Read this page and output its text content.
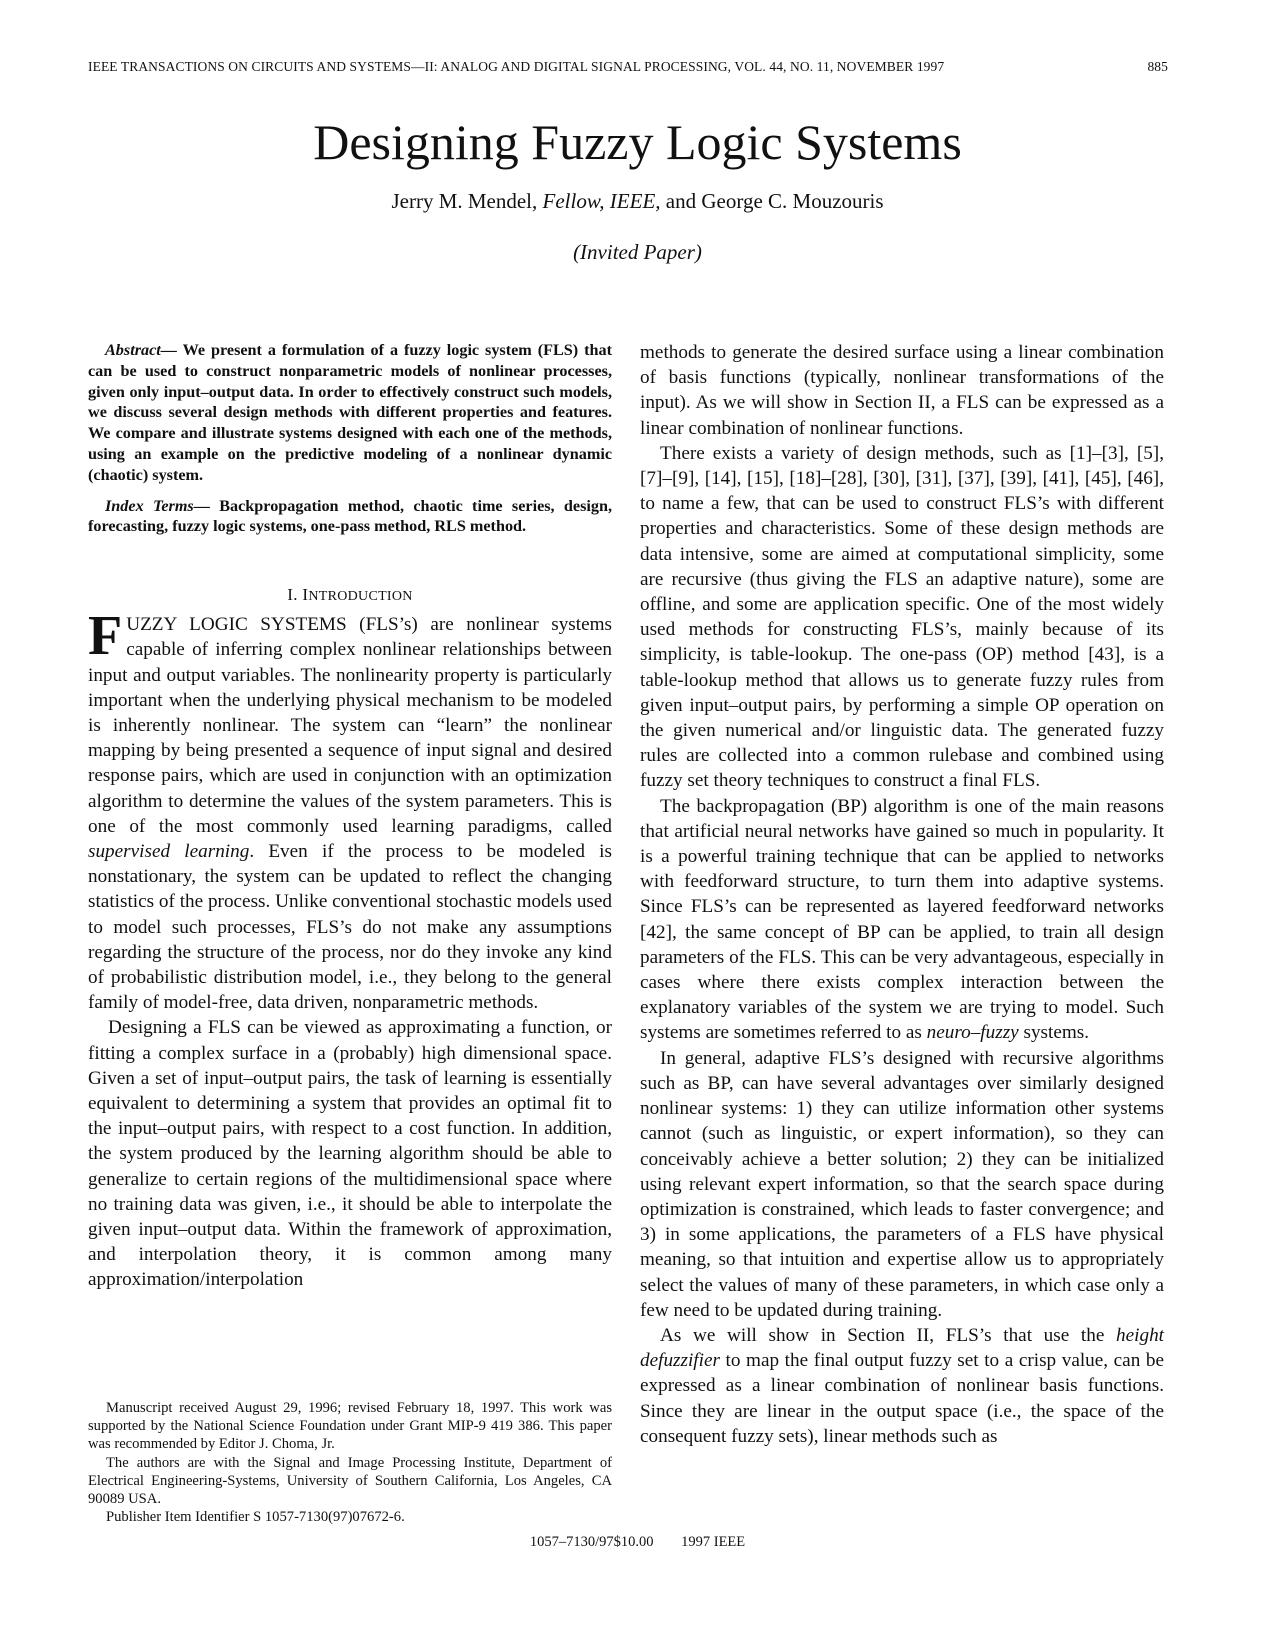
IEEE TRANSACTIONS ON CIRCUITS AND SYSTEMS—II: ANALOG AND DIGITAL SIGNAL PROCESSING, VOL. 44, NO. 11, NOVEMBER 1997	885
Designing Fuzzy Logic Systems
Jerry M. Mendel, Fellow, IEEE, and George C. Mouzouris
(Invited Paper)

Abstract— We present a formulation of a fuzzy logic system (FLS) that can be used to construct nonparametric models of nonlinear processes, given only input–output data. In order to effectively construct such models, we discuss several design methods with different properties and features. We compare and illustrate systems designed with each one of the methods, using an example on the predictive modeling of a nonlinear dynamic (chaotic) system.

Index Terms— Backpropagation method, chaotic time series, design, forecasting, fuzzy logic systems, one-pass method, RLS method.

I. INTRODUCTION

FUZZY LOGIC SYSTEMS (FLS’s) are nonlinear systems capable of inferring complex nonlinear relationships between input and output variables. The nonlinearity property is particularly important when the underlying physical mechanism to be modeled is inherently nonlinear. The system can “learn” the nonlinear mapping by being presented a sequence of input signal and desired response pairs, which are used in conjunction with an optimization algorithm to determine the values of the system parameters. This is one of the most commonly used learning paradigms, called supervised learning. Even if the process to be modeled is nonstationary, the system can be updated to reflect the changing statistics of the process. Unlike conventional stochastic models used to model such processes, FLS’s do not make any assumptions regarding the structure of the process, nor do they invoke any kind of probabilistic distribution model, i.e., they belong to the general family of model-free, data driven, nonparametric methods.

Designing a FLS can be viewed as approximating a function, or fitting a complex surface in a (probably) high dimensional space. Given a set of input–output pairs, the task of learning is essentially equivalent to determining a system that provides an optimal fit to the input–output pairs, with respect to a cost function. In addition, the system produced by the learning algorithm should be able to generalize to certain regions of the multidimensional space where no training data was given, i.e., it should be able to interpolate the given input–output data. Within the framework of approximation, and interpolation theory, it is common among many approximation/interpolation

Manuscript received August 29, 1996; revised February 18, 1997. This work was supported by the National Science Foundation under Grant MIP-9 419 386. This paper was recommended by Editor J. Choma, Jr.

The authors are with the Signal and Image Processing Institute, Department of Electrical Engineering-Systems, University of Southern California, Los Angeles, CA 90089 USA.

Publisher Item Identifier S 1057-7130(97)07672-6.

methods to generate the desired surface using a linear combination of basis functions (typically, nonlinear transformations of the input). As we will show in Section II, a FLS can be expressed as a linear combination of nonlinear functions.

There exists a variety of design methods, such as [1]–[3], [5], [7]–[9], [14], [15], [18]–[28], [30], [31], [37], [39], [41], [45], [46], to name a few, that can be used to construct FLS’s with different properties and characteristics. Some of these design methods are data intensive, some are aimed at computational simplicity, some are recursive (thus giving the FLS an adaptive nature), some are offline, and some are application specific. One of the most widely used methods for constructing FLS’s, mainly because of its simplicity, is table-lookup. The one-pass (OP) method [43], is a table-lookup method that allows us to generate fuzzy rules from given input–output pairs, by performing a simple OP operation on the given numerical and/or linguistic data. The generated fuzzy rules are collected into a common rulebase and combined using fuzzy set theory techniques to construct a final FLS.

The backpropagation (BP) algorithm is one of the main reasons that artificial neural networks have gained so much in popularity. It is a powerful training technique that can be applied to networks with feedforward structure, to turn them into adaptive systems. Since FLS’s can be represented as layered feedforward networks [42], the same concept of BP can be applied, to train all design parameters of the FLS. This can be very advantageous, especially in cases where there exists complex interaction between the explanatory variables of the system we are trying to model. Such systems are sometimes referred to as neuro–fuzzy systems.

In general, adaptive FLS’s designed with recursive algorithms such as BP, can have several advantages over similarly designed nonlinear systems: 1) they can utilize information other systems cannot (such as linguistic, or expert information), so they can conceivably achieve a better solution; 2) they can be initialized using relevant expert information, so that the search space during optimization is constrained, which leads to faster convergence; and 3) in some applications, the parameters of a FLS have physical meaning, so that intuition and expertise allow us to appropriately select the values of many of these parameters, in which case only a few need to be updated during training.

As we will show in Section II, FLS’s that use the height defuzzifier to map the final output fuzzy set to a crisp value, can be expressed as a linear combination of nonlinear basis functions. Since they are linear in the output space (i.e., the space of the consequent fuzzy sets), linear methods such as

1057–7130/97$10.00 1997 IEEE
